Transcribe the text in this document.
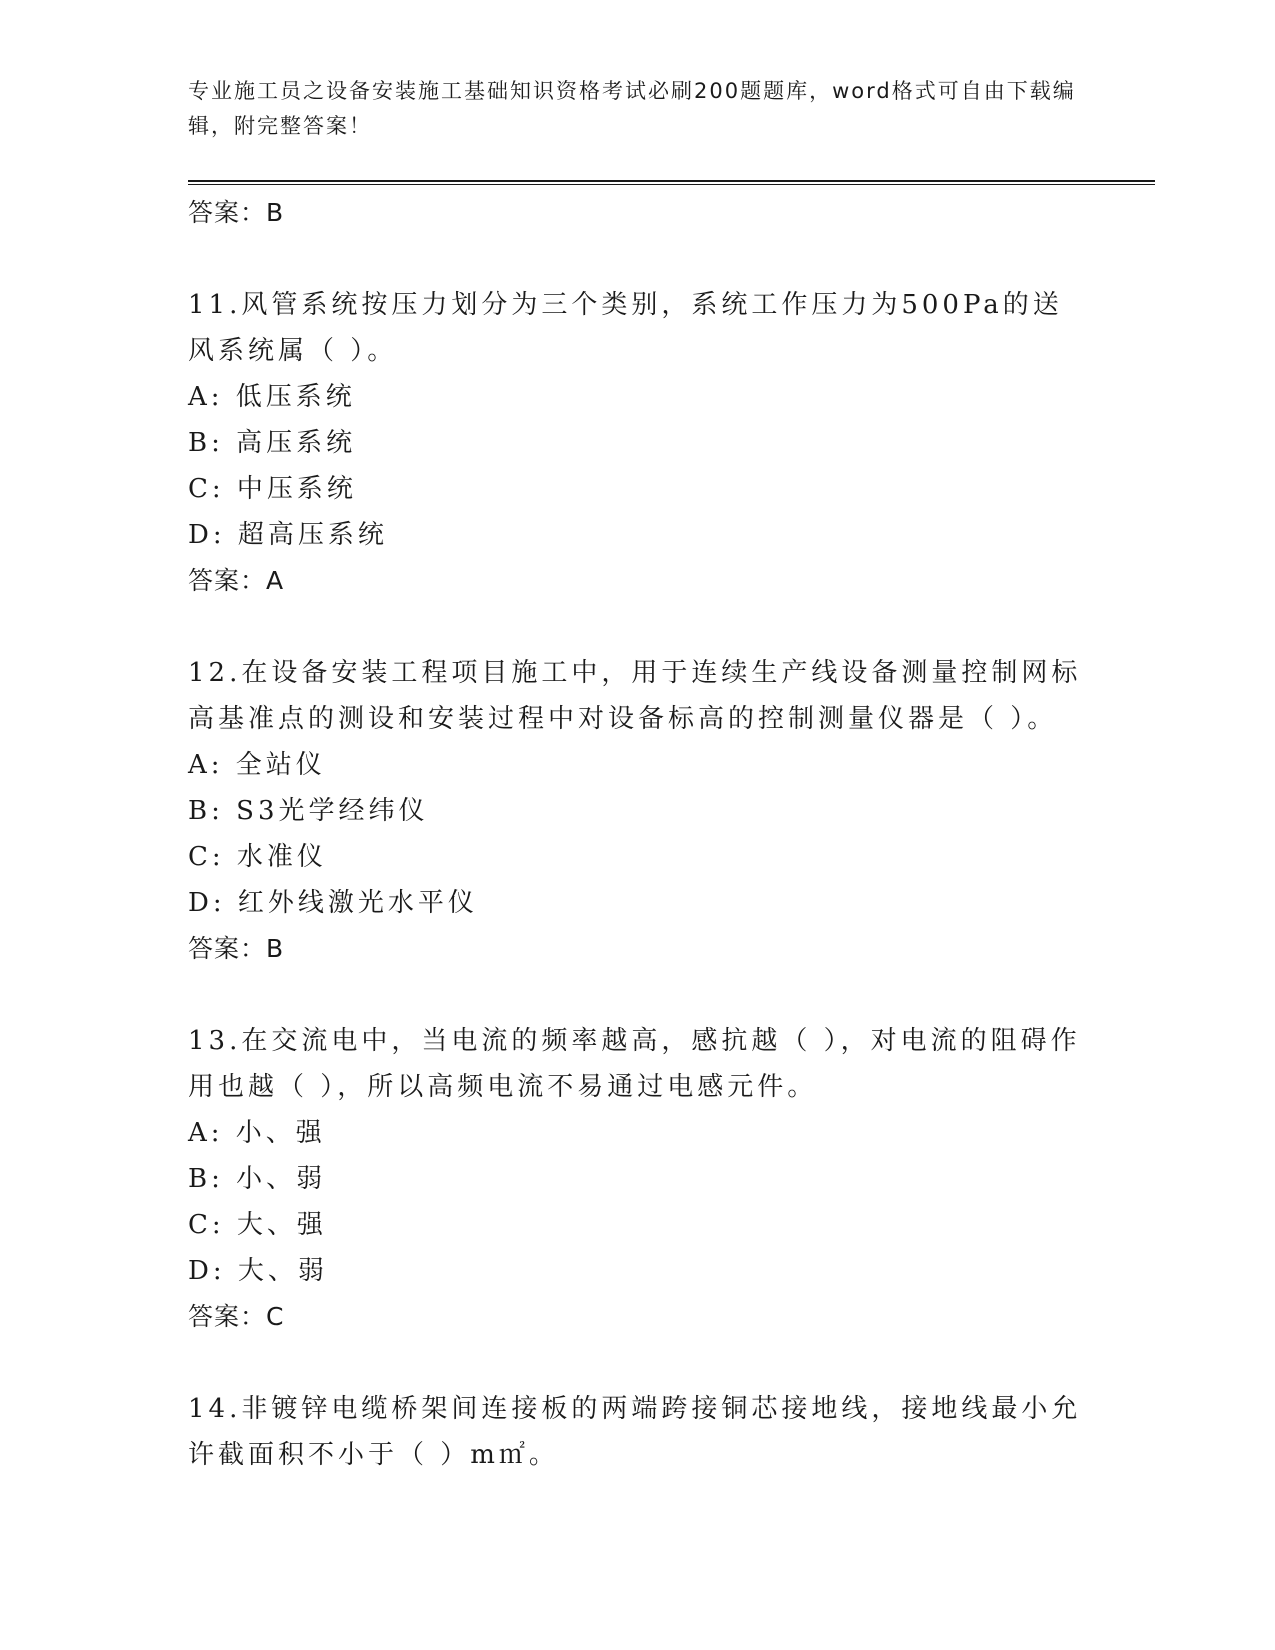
专业施工员之设备安装施工基础知识资格考试必刷200题题库，word格式可自由下载编辑，附完整答案！
答案：B

11.风管系统按压力划分为三个类别，系统工作压力为500Pa的送风系统属（ ）。

A: 低压系统
B: 高压系统
C: 中压系统
D: 超高压系统
答案：A

12.在设备安装工程项目施工中，用于连续生产线设备测量控制网标高基准点的测设和安装过程中对设备标高的控制测量仪器是（ ）。

A: 全站仪
B: S3光学经纬仪
C: 水准仪
D: 红外线激光水平仪
答案：B

13.在交流电中，当电流的频率越高，感抗越（ ），对电流的阻碍作用也越（ ），所以高频电流不易通过电感元件。

A: 小、强
B: 小、弱
C: 大、强
D: 大、弱
答案：C

14.非镀锌电缆桥架间连接板的两端跨接铜芯接地线，接地线最小允许截面积不小于（ ）m㎡。
